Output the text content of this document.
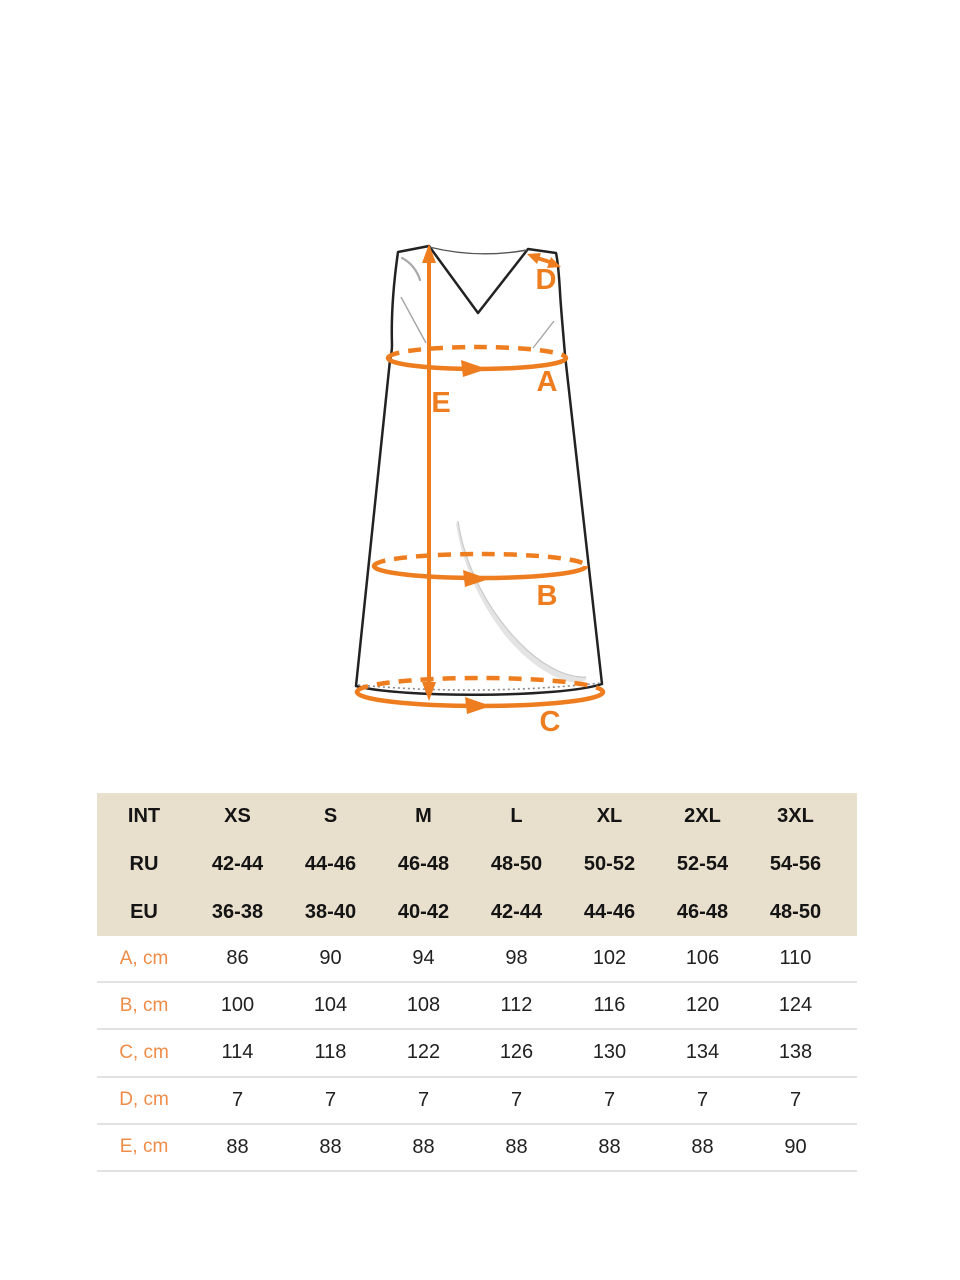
A
B
C
D
E
INT	XS	S	M	L	XL	2XL	3XL
RU	42-44	44-46	46-48	48-50	50-52	52-54	54-56
EU	36-38	38-40	40-42	42-44	44-46	46-48	48-50
A, cm	86	90	94	98	102	106	110
B, cm	100	104	108	112	116	120	124
C, cm	114	118	122	126	130	134	138
D, cm	7	7	7	7	7	7	7
E, cm	88	88	88	88	88	88	90
